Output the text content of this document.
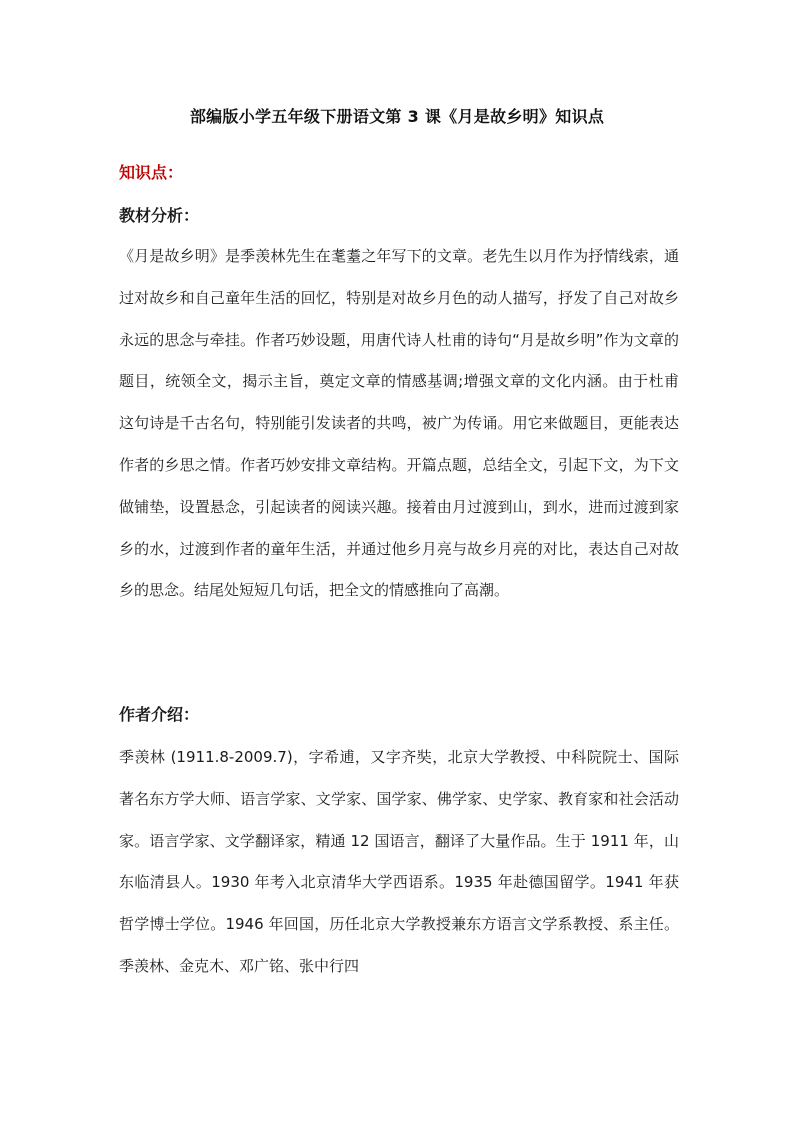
部编版小学五年级下册语文第 3 课《月是故乡明》知识点
知识点：
教材分析：

《月是故乡明》是季羡林先生在耄耋之年写下的文章。老先生以月作为抒情线索，通过对故乡和自己童年生活的回忆，特别是对故乡月色的动人描写，抒发了自己对故乡永远的思念与牵挂。作者巧妙设题，用唐代诗人杜甫的诗句“月是故乡明”作为文章的题目，统领全文，揭示主旨，奠定文章的情感基调;增强文章的文化内涵。由于杜甫这句诗是千古名句，特别能引发读者的共鸣，被广为传诵。用它来做题目，更能表达作者的乡思之情。作者巧妙安排文章结构。开篇点题，总结全文，引起下文，为下文做铺垫，设置悬念，引起读者的阅读兴趣。接着由月过渡到山，到水，进而过渡到家乡的水，过渡到作者的童年生活，并通过他乡月亮与故乡月亮的对比，表达自己对故乡的思念。结尾处短短几句话，把全文的情感推向了高潮。

作者介绍：

季羡林 (1911.8-2009.7)，字希逋，又字齐奘，北京大学教授、中科院院士、国际著名东方学大师、语言学家、文学家、国学家、佛学家、史学家、教育家和社会活动家。语言学家、文学翻译家，精通 12 国语言，翻译了大量作品。生于 1911 年，山东临清县人。1930 年考入北京清华大学西语系。1935 年赴德国留学。1941 年获哲学博士学位。1946 年回国，历任北京大学教授兼东方语言文学系教授、系主任。季羡林、金克木、邓广铭、张中行四
